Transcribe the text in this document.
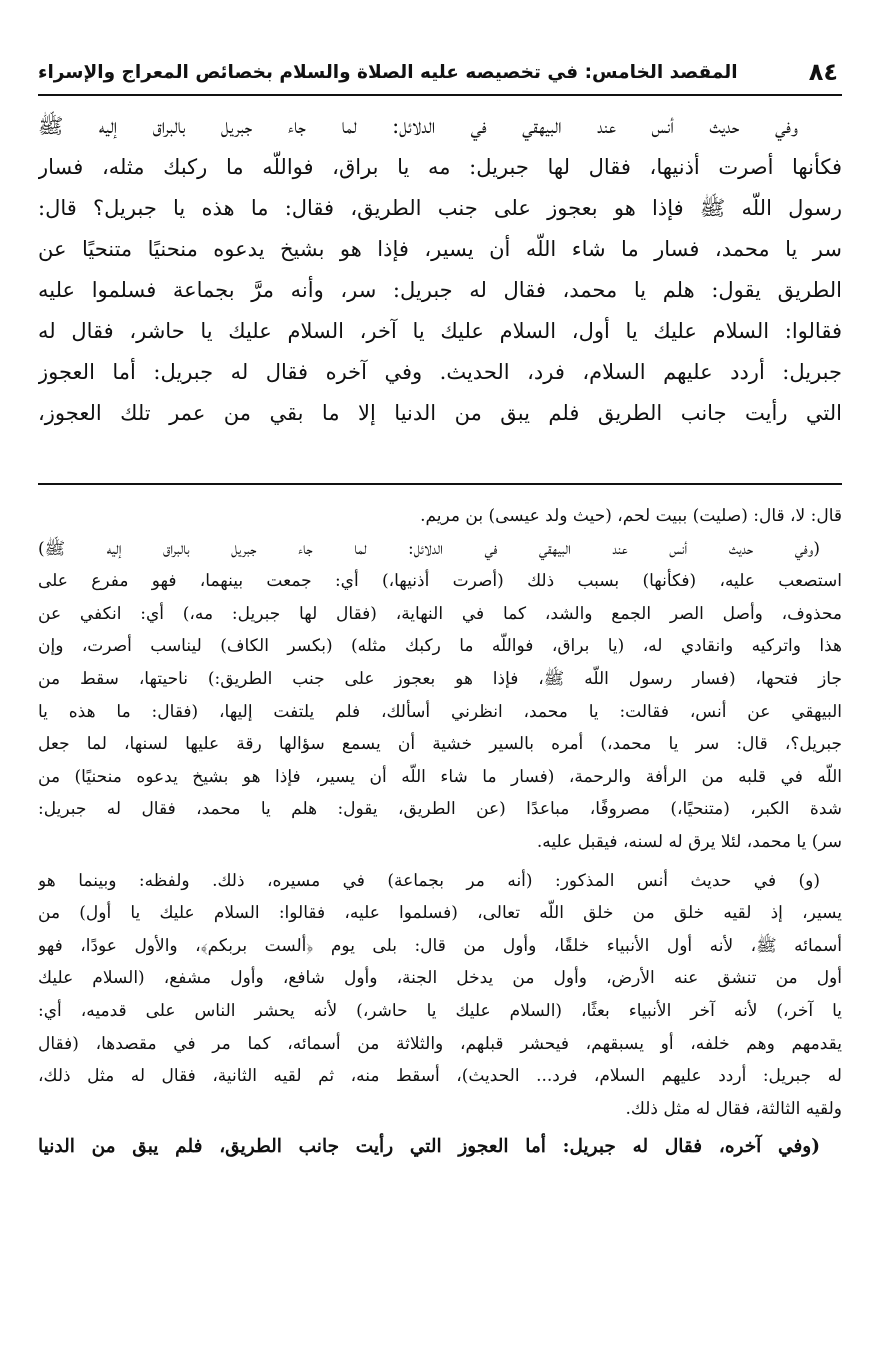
٨٤
المقصد الخامس: في تخصيصه عليه الصلاة والسلام بخصائص المعراج والإسراء
وفي حديث أنس عند البيهقي في الدلائل: لما جاء جبريل بالبراق إليه ﷺ
فكأنها أصرت أذنيها، فقال لها جبريل: مه يا براق، فواللّه ما ركبك مثله، فسار
رسول اللّه ﷺ فإذا هو بعجوز على جنب الطريق، فقال: ما هذه يا جبريل؟ قال:
سر يا محمد، فسار ما شاء اللّه أن يسير، فإذا هو بشيخ يدعوه منحنيًا متنحيًا عن
الطريق يقول: هلم يا محمد، فقال له جبريل: سر، وأنه مرَّ بجماعة فسلموا عليه
فقالوا: السلام عليك يا أول، السلام عليك يا آخر، السلام عليك يا حاشر، فقال له
جبريل: أردد عليهم السلام، فرد، الحديث. وفي آخره فقال له جبريل: أما العجوز
التي رأيت جانب الطريق فلم يبق من الدنيا إلا ما بقي من عمر تلك العجوز،
قال: لا، قال: (صليت) ببيت لحم، (حيث ولد عيسى) بن مريم.
(وفي حديث أنس عند البيهقي في الدلائل: لما جاء جبريل بالبراق إليه ﷺ)
استصعب عليه، (فكأنها) بسبب ذلك (أصرت أذنيها،) أي: جمعت بينهما، فهو مفرع على
محذوف، وأصل الصر الجمع والشد، كما في النهاية، (فقال لها جبريل: مه،) أي: انكفي عن
هذا واتركيه وانقادي له، (يا براق، فواللّه ما ركبك مثله) (بكسر الكاف) ليناسب أصرت، وإن
جاز فتحها، (فسار رسول اللّه ﷺ، فإذا هو بعجوز على جنب الطريق:) ناحيتها، سقط من
البيهقي عن أنس، فقالت: يا محمد، انظرني أسألك، فلم يلتفت إليها، (فقال: ما هذه يا
جبريل؟، قال: سر يا محمد،) أمره بالسير خشية أن يسمع سؤالها رقة عليها لسنها، لما جعل
اللّه في قلبه من الرأفة والرحمة، (فسار ما شاء اللّه أن يسير، فإذا هو بشيخ يدعوه منحنيًا) من
شدة الكبر، (متنحيًا،) مصروفًا، مباعدًا (عن الطريق، يقول: هلم يا محمد، فقال له جبريل:
سر) يا محمد، لئلا يرق له لسنه، فيقبل عليه.
(و) في حديث أنس المذكور: (أنه مر بجماعة) في مسيره، ذلك. ولفظه: وبينما هو
يسير، إذ لقيه خلق من خلق اللّه تعالى، (فسلموا عليه، فقالوا: السلام عليك يا أول) من
أسمائه ﷺ، لأنه أول الأنبياء خلقًا، وأول من قال: بلى يوم ﴿ألست بربكم﴾، والأول عودًا، فهو
أول من تنشق عنه الأرض، وأول من يدخل الجنة، وأول شافع، وأول مشفع، (السلام عليك
يا آخر،) لأنه آخر الأنبياء بعثًا، (السلام عليك يا حاشر،) لأنه يحشر الناس على قدميه، أي:
يقدمهم وهم خلفه، أو يسبقهم، فيحشر قبلهم، والثلاثة من أسمائه، كما مر في مقصدها، (فقال
له جبريل: أردد عليهم السلام، فرد... الحديث)، أسقط منه، ثم لقيه الثانية، فقال له مثل ذلك،
ولقيه الثالثة، فقال له مثل ذلك.
(وفي آخره، فقال له جبريل: أما العجوز التي رأيت جانب الطريق، فلم يبق من الدنيا
